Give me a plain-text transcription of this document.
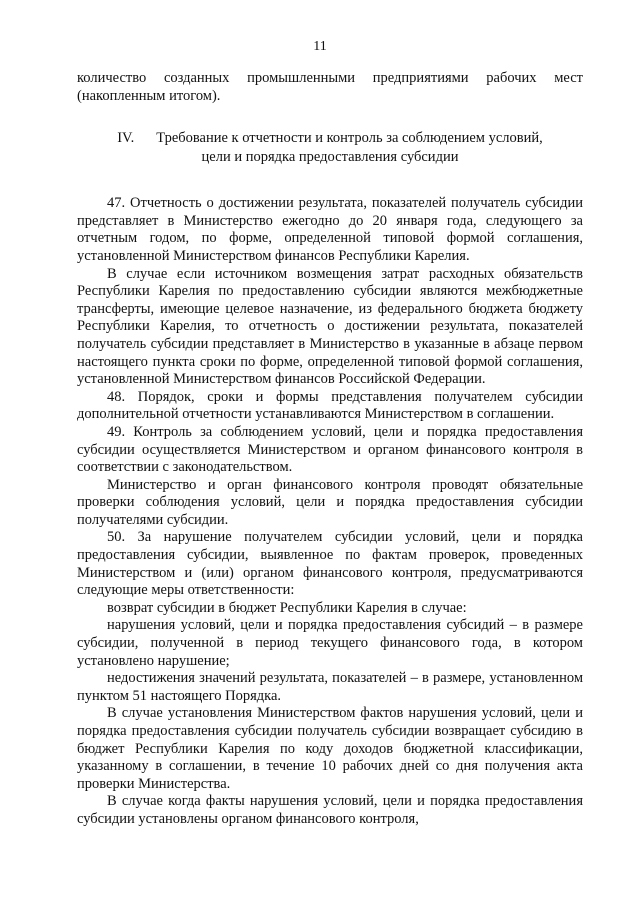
11

количество созданных промышленными предприятиями рабочих мест (накопленным итогом).

IV. Требование к отчетности и контроль за соблюдением условий,
цели и порядка предоставления субсидии

47. Отчетность о достижении результата, показателей получатель субсидии представляет в Министерство ежегодно до 20 января года, следующего за отчетным годом, по форме, определенной типовой формой соглашения, установленной Министерством финансов Республики Карелия.

В случае если источником возмещения затрат расходных обязательств Республики Карелия по предоставлению субсидии являются межбюджетные трансферты, имеющие целевое назначение, из федерального бюджета бюджету Республики Карелия, то отчетность о достижении результата, показателей получатель субсидии представляет в Министерство в указанные в абзаце первом настоящего пункта сроки по форме, определенной типовой формой соглашения, установленной Министерством финансов Российской Федерации.

48. Порядок, сроки и формы представления получателем субсидии дополнительной отчетности устанавливаются Министерством в соглашении.

49. Контроль за соблюдением условий, цели и порядка предоставления субсидии осуществляется Министерством и органом финансового контроля в соответствии с законодательством.

Министерство и орган финансового контроля проводят обязательные проверки соблюдения условий, цели и порядка предоставления субсидии получателями субсидии.

50. За нарушение получателем субсидии условий, цели и порядка предоставления субсидии, выявленное по фактам проверок, проведенных Министерством и (или) органом финансового контроля, предусматриваются следующие меры ответственности:

возврат субсидии в бюджет Республики Карелия в случае:

нарушения условий, цели и порядка предоставления субсидий – в размере субсидии, полученной в период текущего финансового года, в котором установлено нарушение;

недостижения значений результата, показателей – в размере, установленном пунктом 51 настоящего Порядка.

В случае установления Министерством фактов нарушения условий, цели и порядка предоставления субсидии получатель субсидии возвращает субсидию в бюджет Республики Карелия по коду доходов бюджетной классификации, указанному в соглашении, в течение 10 рабочих дней со дня получения акта проверки Министерства.

В случае когда факты нарушения условий, цели и порядка предоставления субсидии установлены органом финансового контроля,
